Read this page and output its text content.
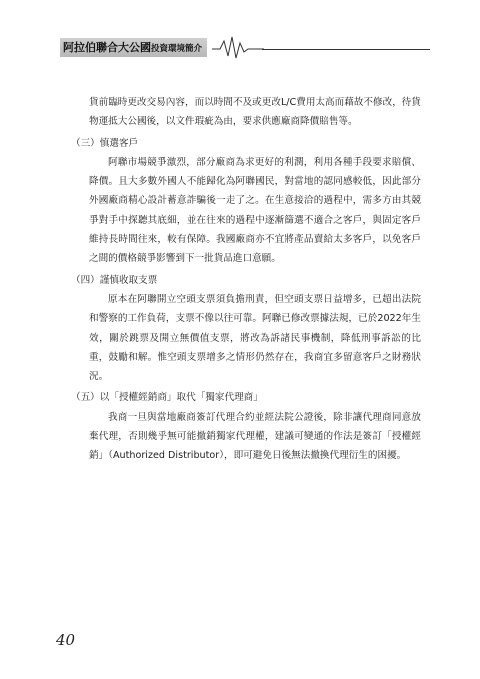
阿拉伯聯合大公國投資環境簡介

貨前臨時更改交易內容，而以時間不及或更改L/C費用太高而藉故不修改，待貨物運抵大公國後，以文件瑕疵為由，要求供應廠商降價賠售等。

（三）慎選客戶

阿聯市場競爭激烈，部分廠商為求更好的利潤，利用各種手段要求賠償、降價。且大多數外國人不能歸化為阿聯國民，對當地的認同感較低，因此部分外國廠商精心設計蓄意詐騙後一走了之。在生意接洽的過程中，需多方由其競爭對手中探聽其底細，並在往來的過程中逐漸篩選不適合之客戶，與固定客戶維持長時間往來，較有保障。我國廠商亦不宜將產品賣給太多客戶，以免客戶之間的價格競爭影響到下一批貨品進口意願。

（四）謹慎收取支票

原本在阿聯開立空頭支票須負擔刑責，但空頭支票日益增多，已超出法院和警察的工作負荷，支票不像以往可靠。阿聯已修改票據法規，已於2022年生效，關於跳票及開立無價值支票，將改為訴諸民事機制，降低刑事訴訟的比重，鼓勵和解。惟空頭支票增多之情形仍然存在，我商宜多留意客戶之財務狀況。

（五）以「授權經銷商」取代「獨家代理商」

我商一旦與當地廠商簽訂代理合約並經法院公證後，除非讓代理商同意放棄代理，否則幾乎無可能撤銷獨家代理權，建議可變通的作法是簽訂「授權經銷」（Authorized Distributor），即可避免日後無法撤換代理衍生的困擾。

40
